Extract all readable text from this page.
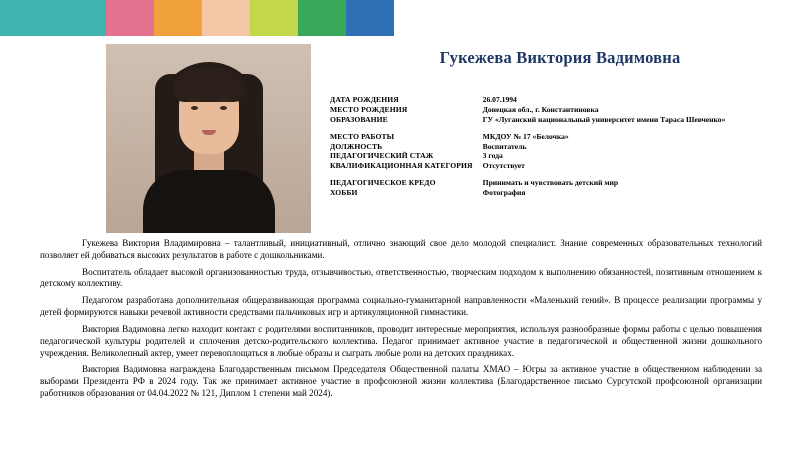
Гукежева Виктория Вадимовна
ДАТА РОЖДЕНИЯ	26.07.1994
МЕСТО РОЖДЕНИЯ	Донецкая обл., г. Константиновка
ОБРАЗОВАНИЕ	ГУ «Луганский национальный университет имени Тараса Шевченко»

МЕСТО РАБОТЫ	МКДОУ № 17 «Белочка»
ДОЛЖНОСТЬ	Воспитатель
ПЕДАГОГИЧЕСКИЙ СТАЖ	3 года
КВАЛИФИКАЦИОННАЯ КАТЕГОРИЯ	Отсутствует

ПЕДАГОГИЧЕСКОЕ КРЕДО	Принимать и чувствовать детский мир
ХОББИ	Фотография

Гукежева Виктория Владимировна – талантливый, инициативный, отлично знающий свое дело молодой специалист. Знание современных образовательных технологий позволяет ей добиваться высоких результатов в работе с дошкольниками.

Воспитатель обладает высокой организованностью труда, отзывчивостью, ответственностью, творческим подходом к выполнению обязанностей, позитивным отношением к детскому коллективу.

Педагогом разработана дополнительная общеразвивающая программа социально-гуманитарной направленности «Маленький гений». В процессе реализации программы у детей формируются навыки речевой активности средствами пальчиковых игр и артикуляционной гимнастики.

Виктория Вадимовна легко находит контакт с родителями воспитанников, проводит интересные мероприятия, используя разнообразные формы работы с целью повышения педагогической культуры родителей и сплочения детско-родительского коллектива. Педагог принимает активное участие в педагогической и общественной жизни дошкольного учреждения. Великолепный актер, умеет перевоплощаться в любые образы и сыграть любые роли на детских праздниках.

Виктория Вадимовна награждена Благодарственным письмом Председателя Общественной палаты ХМАО – Югры за активное участие в общественном наблюдении за выборами Президента РФ в 2024 году. Так же принимает активное участие в профсоюзной жизни коллектива (Благодарственное письмо Сургутской профсоюзной организации работников образования от 04.04.2022 № 121, Диплом 1 степени май 2024).
